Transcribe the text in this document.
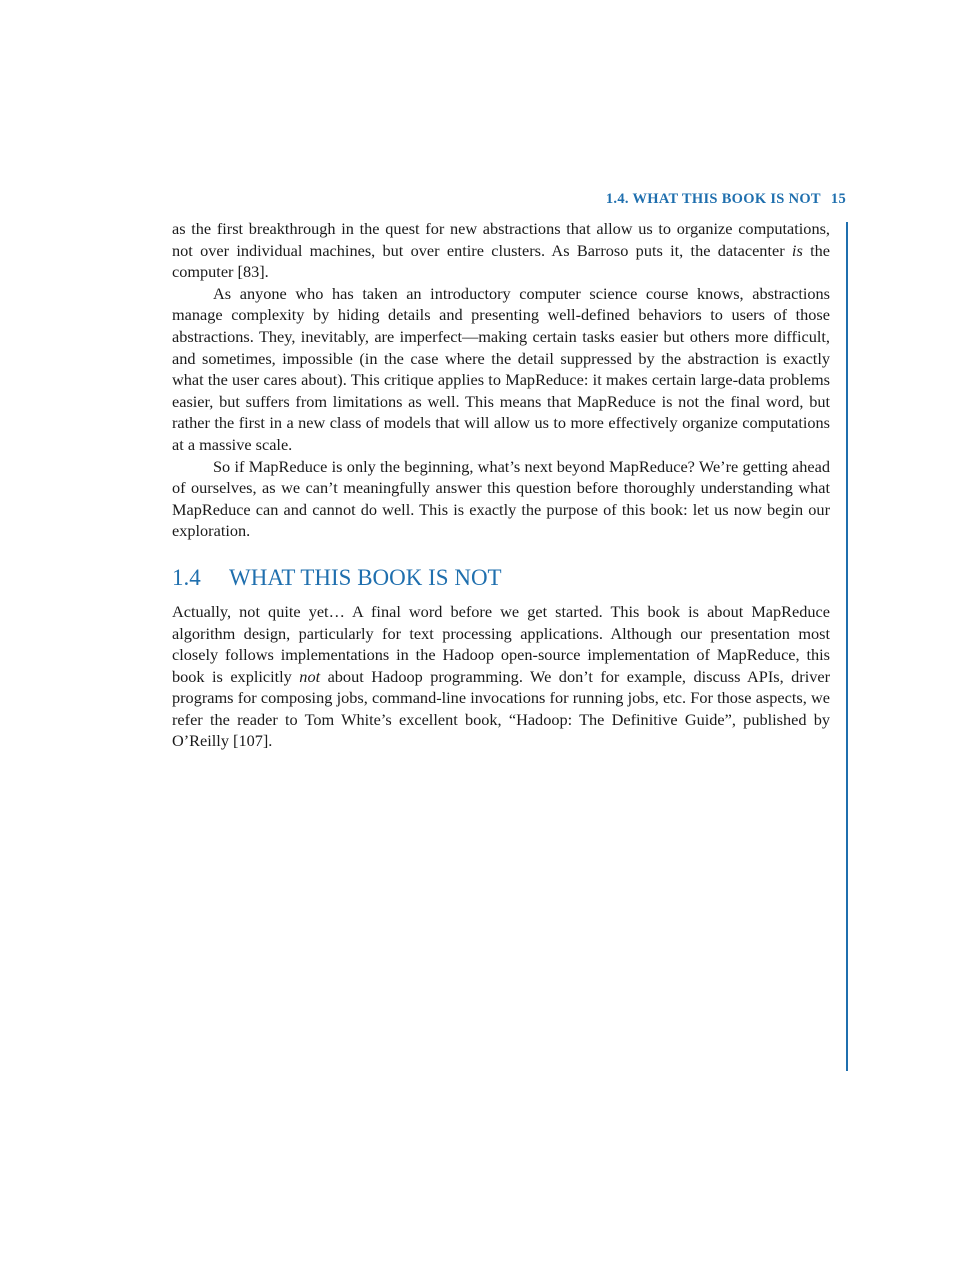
1.4. WHAT THIS BOOK IS NOT 15

as the first breakthrough in the quest for new abstractions that allow us to organize computations, not over individual machines, but over entire clusters. As Barroso puts it, the datacenter is the computer [83].

As anyone who has taken an introductory computer science course knows, abstractions manage complexity by hiding details and presenting well-defined behaviors to users of those abstractions. They, inevitably, are imperfect—making certain tasks easier but others more difficult, and sometimes, impossible (in the case where the detail suppressed by the abstraction is exactly what the user cares about). This critique applies to MapReduce: it makes certain large-data problems easier, but suffers from limitations as well. This means that MapReduce is not the final word, but rather the first in a new class of models that will allow us to more effectively organize computations at a massive scale.

So if MapReduce is only the beginning, what’s next beyond MapReduce? We’re getting ahead of ourselves, as we can’t meaningfully answer this question before thoroughly understanding what MapReduce can and cannot do well. This is exactly the purpose of this book: let us now begin our exploration.

1.4 WHAT THIS BOOK IS NOT

Actually, not quite yet… A final word before we get started. This book is about MapReduce algorithm design, particularly for text processing applications. Although our presentation most closely follows implementations in the Hadoop open-source implementation of MapReduce, this book is explicitly not about Hadoop programming. We don’t for example, discuss APIs, driver programs for composing jobs, command-line invocations for running jobs, etc. For those aspects, we refer the reader to Tom White’s excellent book, “Hadoop: The Definitive Guide”, published by O’Reilly [107].
